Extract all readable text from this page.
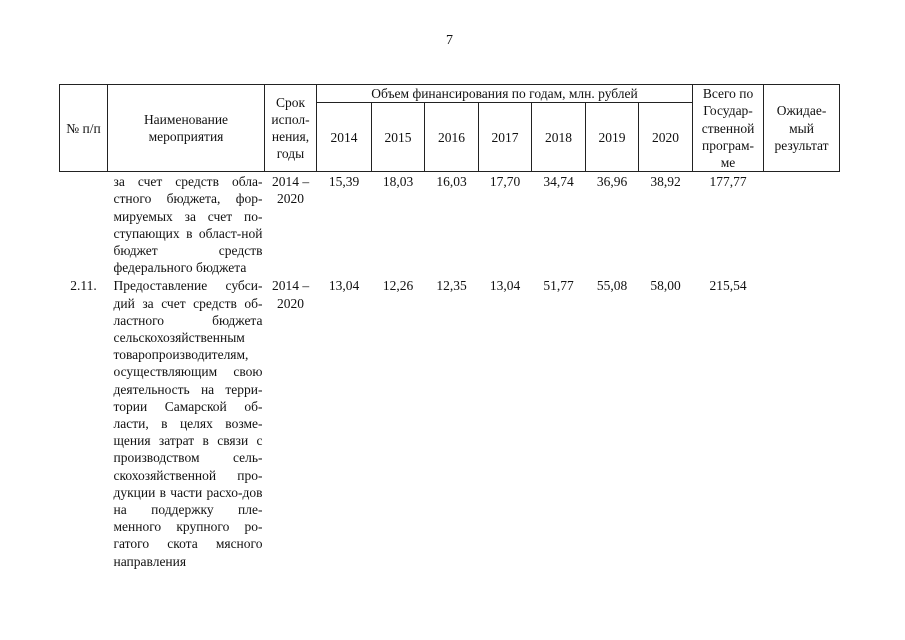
7
№ п/п	Наименование мероприятия	Срок испол-нения, годы	Объем финансирования по годам, млн. рублей							Всего по Государ-ственной програм-ме	Ожидае-мый результат
			2014	2015	2016	2017	2018	2019	2020		
	за счет средств обла-стного бюджета, фор-мируемых за счет по-ступающих в област-ной бюджет средств федерального бюджета	2014 – 2020	15,39	18,03	16,03	17,70	34,74	36,96	38,92	177,77	
2.11.	Предоставление субси-дий за счет средств об-ластного бюджета сельскохозяйственным товаропроизводителям, осуществляющим свою деятельность на терри-тории Самарской об-ласти, в целях возме-щения затрат в связи с производством сель-скохозяйственной про-дукции в части расхо-дов на поддержку пле-менного крупного ро-гатого скота мясного направления	2014 – 2020	13,04	12,26	12,35	13,04	51,77	55,08	58,00	215,54	
